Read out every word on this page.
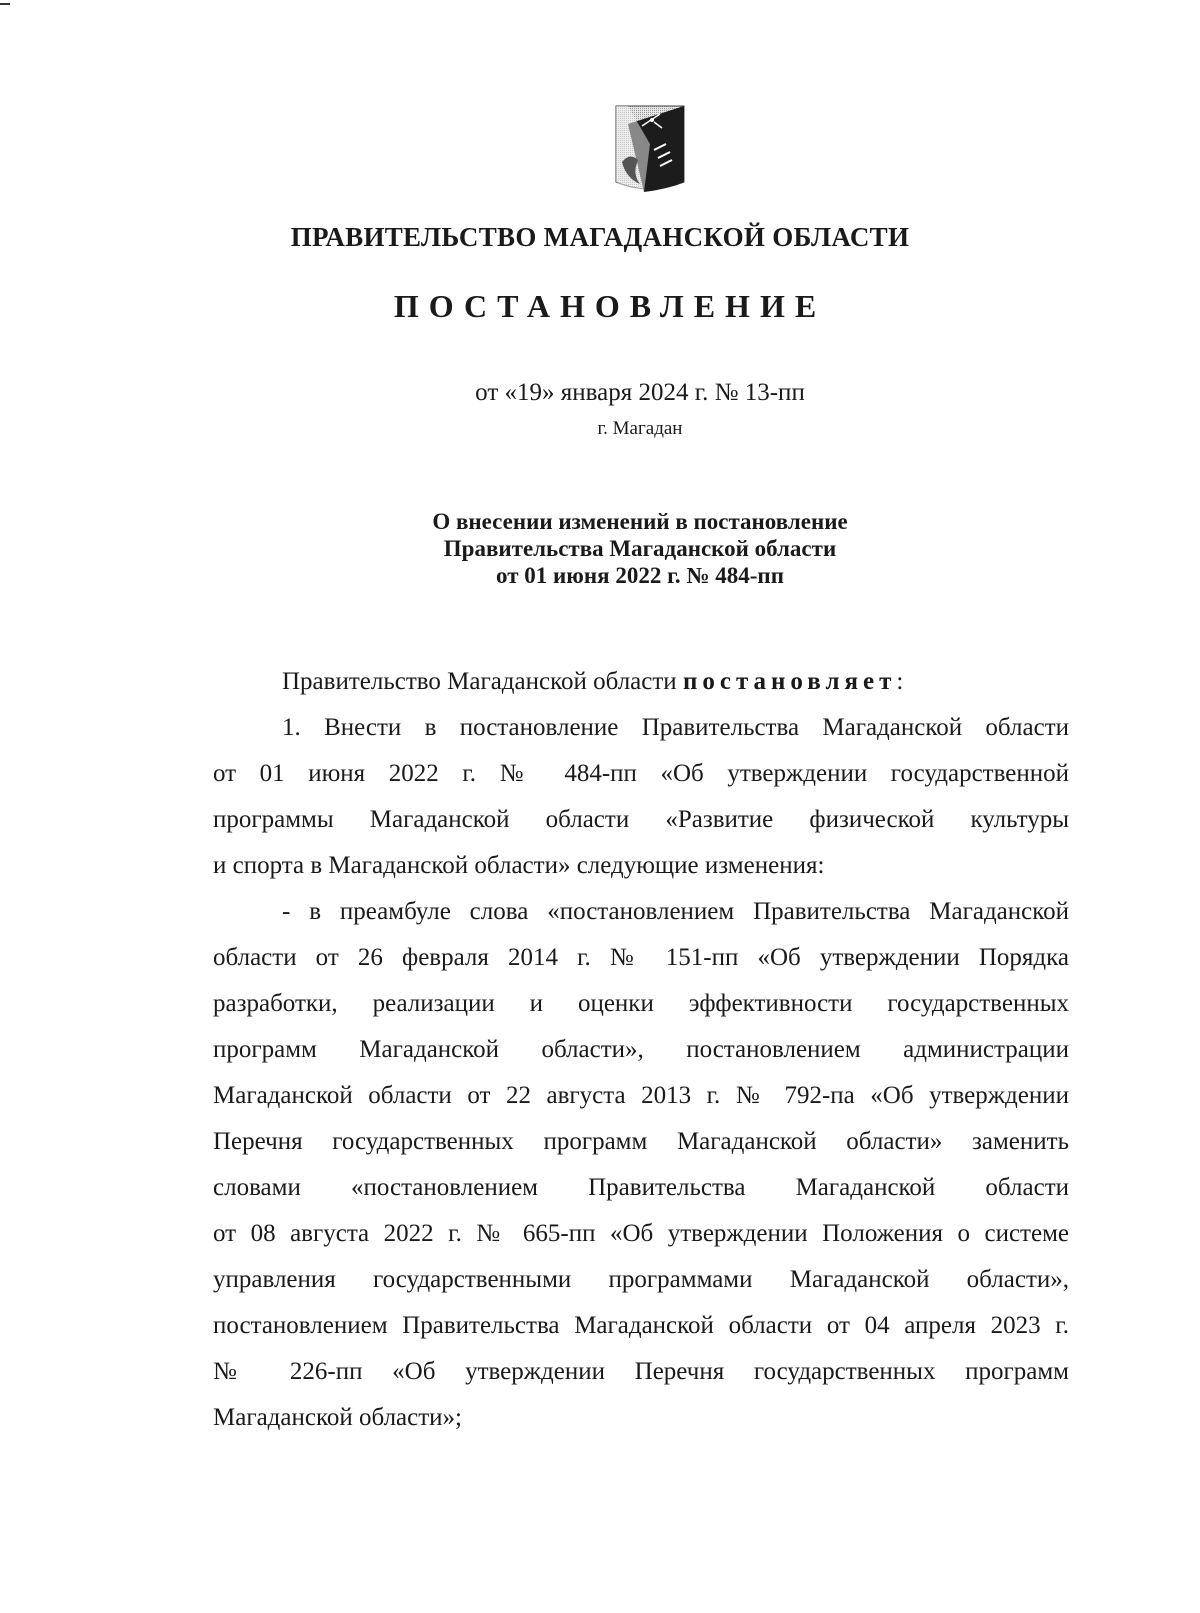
ПРАВИТЕЛЬСТВО МАГАДАНСКОЙ ОБЛАСТИ
ПОСТАНОВЛЕНИЕ
от «19» января 2024 г. № 13-пп
г. Магадан
О внесении изменений в постановление
Правительства Магаданской области
от 01 июня 2022 г. № 484-пп
Правительство Магаданской области постановляет:
1. Внести в постановление Правительства Магаданской области
от 01 июня 2022 г. № 484-пп «Об утверждении государственной
программы Магаданской области «Развитие физической культуры
и спорта в Магаданской области» следующие изменения:
- в преамбуле слова «постановлением Правительства Магаданской
области от 26 февраля 2014 г. № 151-пп «Об утверждении Порядка
разработки, реализации и оценки эффективности государственных
программ Магаданской области», постановлением администрации
Магаданской области от 22 августа 2013 г. № 792-па «Об утверждении
Перечня государственных программ Магаданской области» заменить
словами «постановлением Правительства Магаданской области
от 08 августа 2022 г. № 665-пп «Об утверждении Положения о системе
управления государственными программами Магаданской области»,
постановлением Правительства Магаданской области от 04 апреля 2023 г.
№ 226-пп «Об утверждении Перечня государственных программ
Магаданской области»;
